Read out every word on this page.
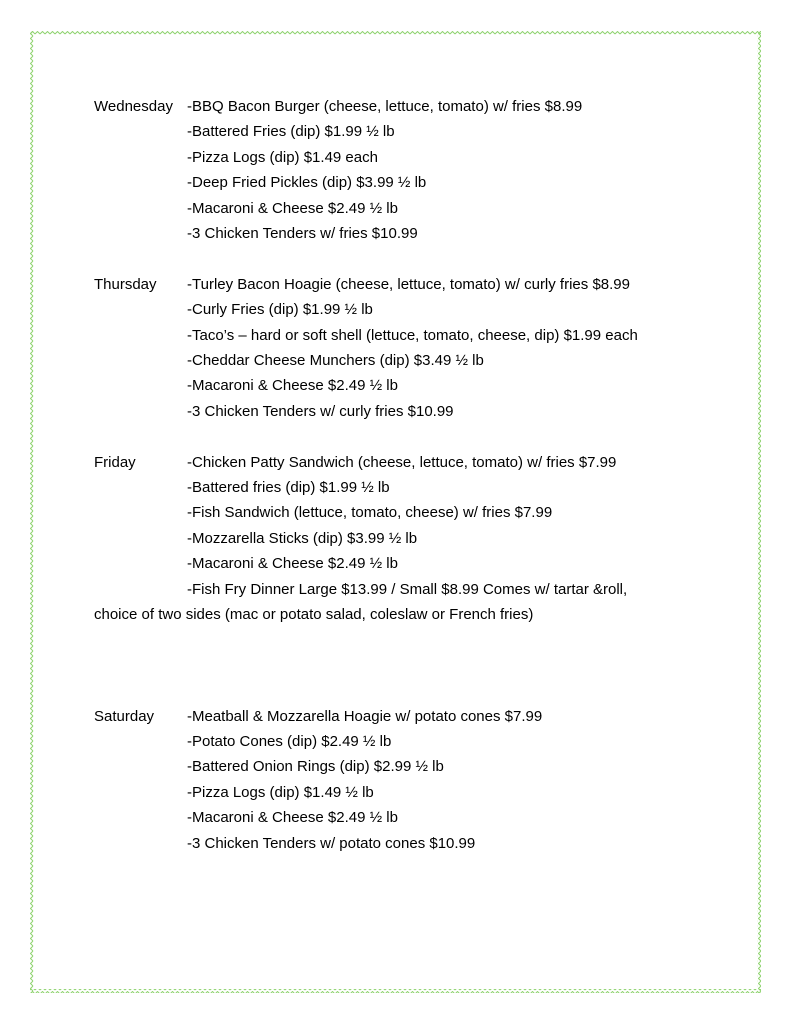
Wednesday -BBQ Bacon Burger (cheese, lettuce, tomato) w/ fries $8.99
-Battered Fries (dip) $1.99 ½ lb
-Pizza Logs (dip) $1.49 each
-Deep Fried Pickles (dip) $3.99 ½ lb
-Macaroni & Cheese $2.49 ½ lb
-3 Chicken Tenders w/ fries $10.99
Thursday	-Turley Bacon Hoagie (cheese, lettuce, tomato) w/ curly fries $8.99
-Curly Fries (dip) $1.99 ½ lb
-Taco’s – hard or soft shell (lettuce, tomato, cheese, dip) $1.99 each
-Cheddar Cheese Munchers (dip) $3.49 ½ lb
-Macaroni & Cheese $2.49 ½ lb
-3 Chicken Tenders w/ curly fries $10.99
Friday	-Chicken Patty Sandwich (cheese, lettuce, tomato) w/ fries $7.99
-Battered fries (dip) $1.99 ½ lb
-Fish Sandwich (lettuce, tomato, cheese) w/ fries $7.99
-Mozzarella Sticks (dip) $3.99 ½ lb
-Macaroni & Cheese $2.49 ½ lb
-Fish Fry Dinner Large $13.99 / Small $8.99 Comes w/ tartar &roll,
choice of two sides (mac or potato salad, coleslaw or French fries)
Saturday	-Meatball & Mozzarella Hoagie w/ potato cones $7.99
-Potato Cones (dip) $2.49 ½ lb
-Battered Onion Rings (dip) $2.99 ½ lb
-Pizza Logs (dip) $1.49 ½ lb
-Macaroni & Cheese $2.49 ½ lb
-3 Chicken Tenders w/ potato cones $10.99
